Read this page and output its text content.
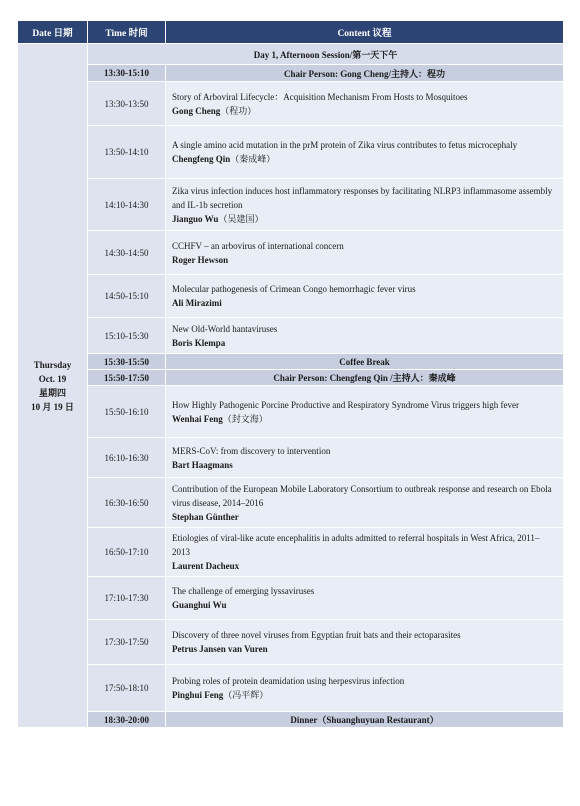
Date 日期	Time 时间	Content 议程

Thursday
Oct. 19
星期四
10 月 19 日	Day 1, Afternoon Session/第一天下午	
	13:30-15:10	Chair Person: Gong Cheng/主持人：程功
	13:30-13:50	Story of Arboviral Lifecycle：Acquisition Mechanism From Hosts to Mosquitoes
Gong Cheng（程功）

	13:50-14:10	A single amino acid mutation in the prM protein of Zika virus contributes to fetus microcephaly
Chengfeng Qin（秦成峰）

	14:10-14:30	Zika virus infection induces host inflammatory responses by facilitating NLRP3 inflammasome assembly and IL-1b secretion
Jianguo Wu（吴建国）

	14:30-14:50	CCHFV – an arbovirus of international concern
Roger Hewson

	14:50-15:10	Molecular pathogenesis of Crimean Congo hemorrhagic fever virus
Ali Mirazimi

	15:10-15:30	New Old-World hantaviruses
Boris Klempa

	15:30-15:50	Coffee Break
	15:50-17:50	Chair Person: Chengfeng Qin /主持人：秦成峰
	15:50-16:10	How Highly Pathogenic Porcine Productive and Respiratory Syndrome Virus triggers high fever
Wenhai Feng（封文海）

	16:10-16:30	MERS-CoV: from discovery to intervention
Bart Haagmans

	16:30-16:50	Contribution of the European Mobile Laboratory Consortium to outbreak response and research on Ebola virus disease, 2014–2016
Stephan Günther

	16:50-17:10	Etiologies of viral-like acute encephalitis in adults admitted to referral hospitals in West Africa, 2011–2013
Laurent Dacheux

	17:10-17:30	The challenge of emerging lyssaviruses
Guanghui Wu

	17:30-17:50	Discovery of three novel viruses from Egyptian fruit bats and their ectoparasites
Petrus Jansen van Vuren

	17:50-18:10	Probing roles of protein deamidation using herpesvirus infection
Pinghui Feng（冯平辉）

	18:30-20:00	Dinner（Shuanghuyuan Restaurant）
